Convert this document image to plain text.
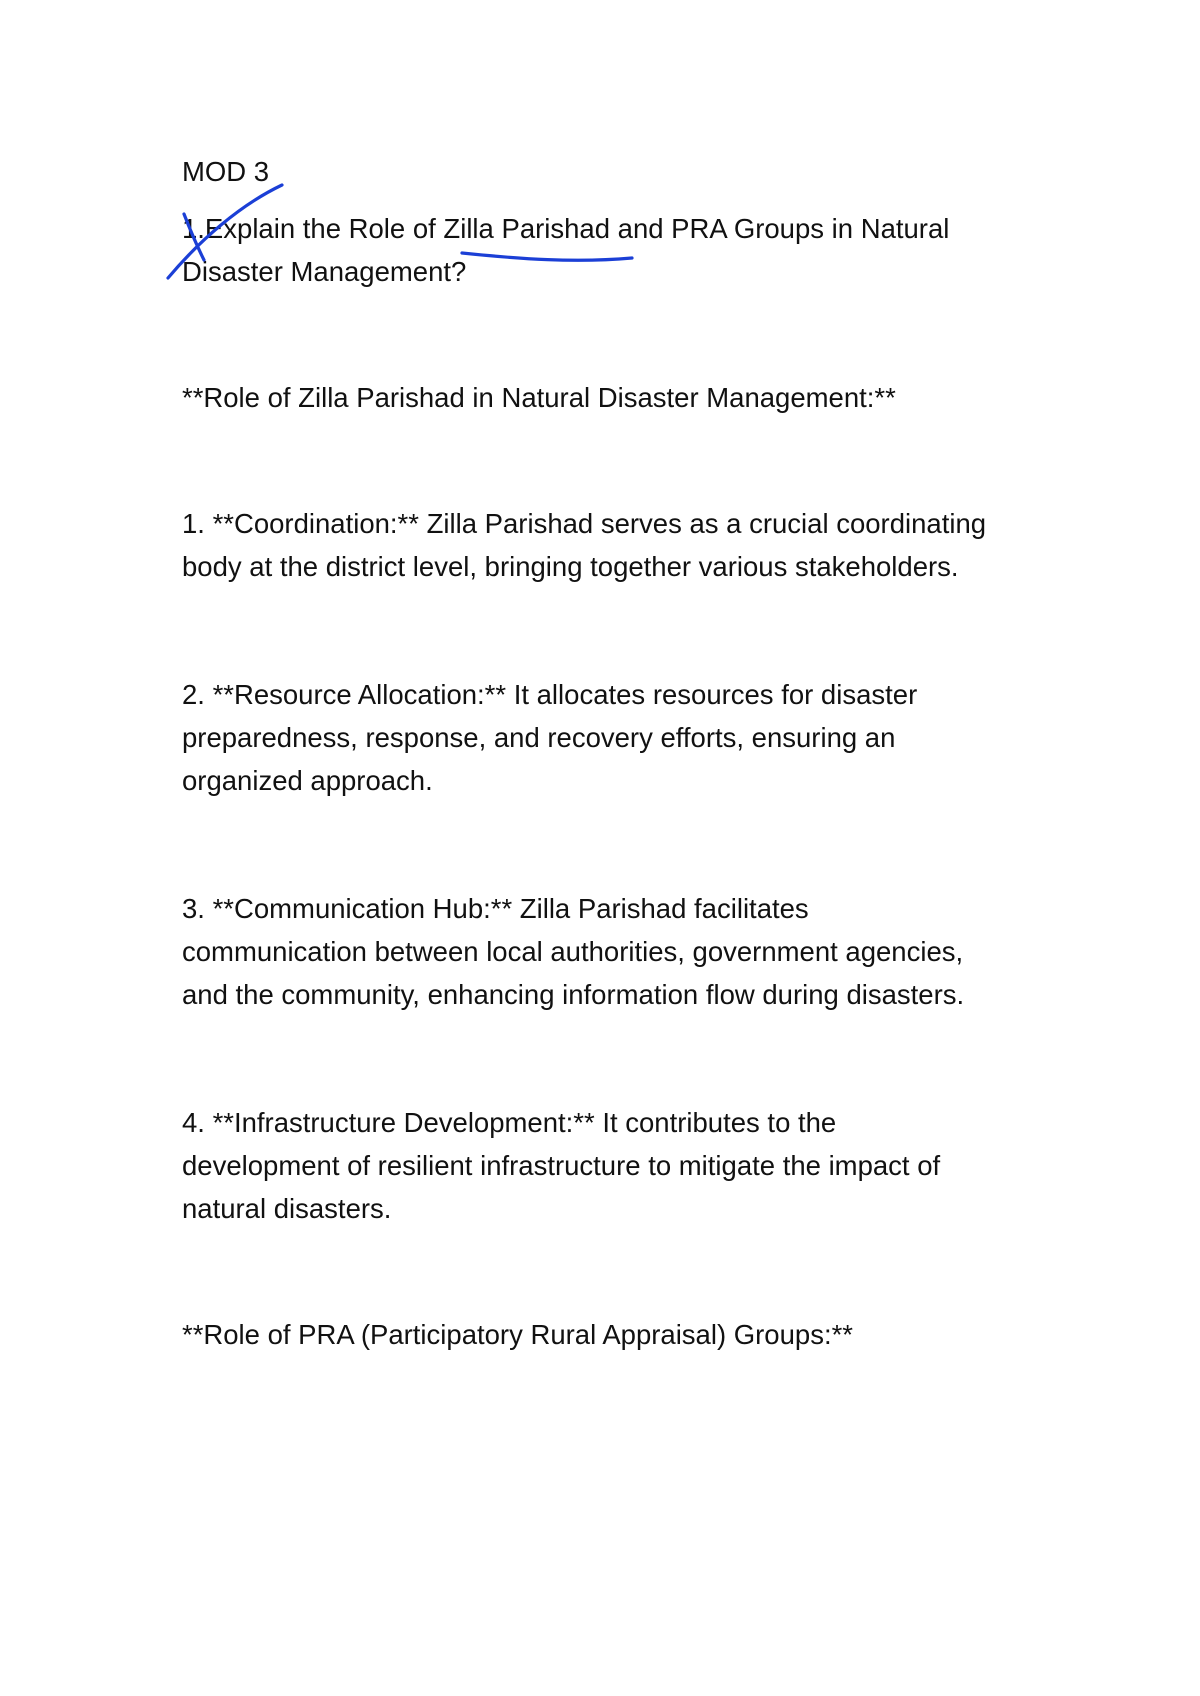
MOD 3

1.Explain the Role of Zilla Parishad and PRA Groups in Natural

Disaster Management?

**Role of Zilla Parishad in Natural Disaster Management:**

1. **Coordination:** Zilla Parishad serves as a crucial coordinating

body at the district level, bringing together various stakeholders.

2. **Resource Allocation:** It allocates resources for disaster

preparedness, response, and recovery efforts, ensuring an

organized approach.

3. **Communication Hub:** Zilla Parishad facilitates

communication between local authorities, government agencies,

and the community, enhancing information flow during disasters.

4. **Infrastructure Development:** It contributes to the

development of resilient infrastructure to mitigate the impact of

natural disasters.

**Role of PRA (Participatory Rural Appraisal) Groups:**
